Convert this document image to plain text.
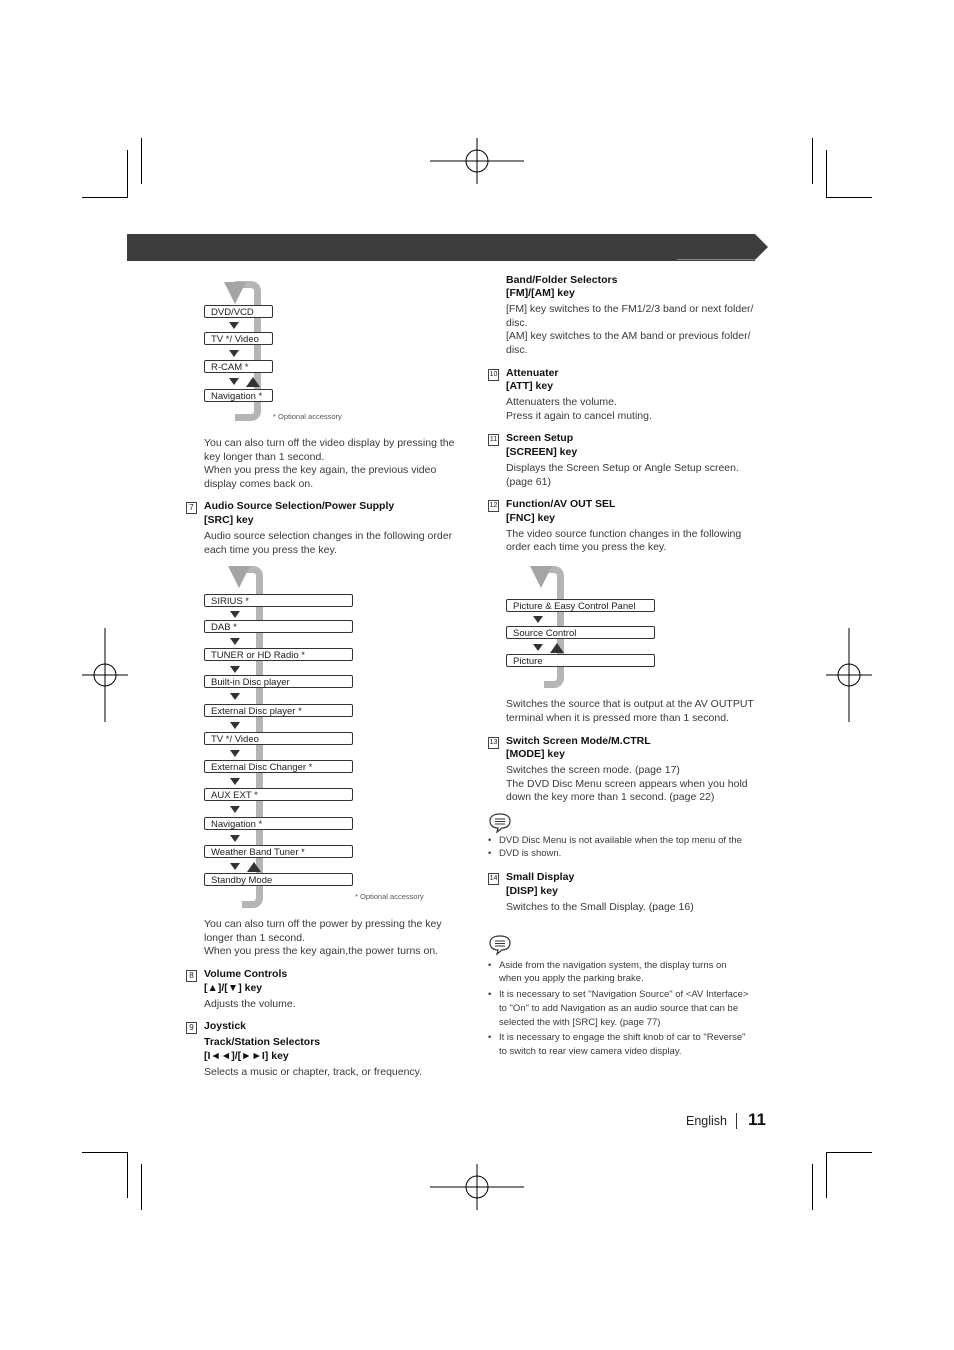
DVD/VCD
TV */ Video
R-CAM *
Navigation *
* Optional accessory
You can also turn off the video display by pressing the
key longer than 1 second.
When you press the key again, the previous video
display comes back on.
7 Audio Source Selection/Power Supply
[SRC] key
Audio source selection changes in the following order
each time you press the key.
SIRIUS *
DAB *
TUNER or HD Radio *
Built-in Disc player
External Disc player *
TV */ Video
External Disc Changer *
AUX EXT *
Navigation *
Weather Band Tuner *
Standby Mode
* Optional accessory
You can also turn off the power by pressing the key
longer than 1 second.
When you press the key again,the power turns on.
8 Volume Controls
[▲]/[▼] key
Adjusts the volume.
9 Joystick
Track/Station Selectors
[I◄◄]/[►►I] key
Selects a music or chapter, track, or frequency.
Band/Folder Selectors
[FM]/[AM] key
[FM] key switches to the FM1/2/3 band or next folder/
disc.
[AM] key switches to the AM band or previous folder/
disc.
10 Attenuater
[ATT] key
Attenuaters the volume.
Press it again to cancel muting.
11 Screen Setup
[SCREEN] key
Displays the Screen Setup or Angle Setup screen.
(page 61)
12 Function/AV OUT SEL
[FNC] key
The video source function changes in the following
order each time you press the key.
Picture & Easy Control Panel
Source Control
Picture
Switches the source that is output at the AV OUTPUT
terminal when it is pressed more than 1 second.
13 Switch Screen Mode/M.CTRL
[MODE] key
Switches the screen mode. (page 17)
The DVD Disc Menu screen appears when you hold
down the key more than 1 second. (page 22)
• DVD Disc Menu is not available when the top menu of the
• DVD is shown.
14 Small Display
[DISP] key
Switches to the Small Display. (page 16)
• Aside from the navigation system, the display turns on
when you apply the parking brake.
• It is necessary to set "Navigation Source" of <AV Interface>
to "On" to add Navigation as an audio source that can be
selected the with [SRC] key. (page 77)
• It is necessary to engage the shift knob of car to "Reverse"
to switch to rear view camera video display.
English 11
